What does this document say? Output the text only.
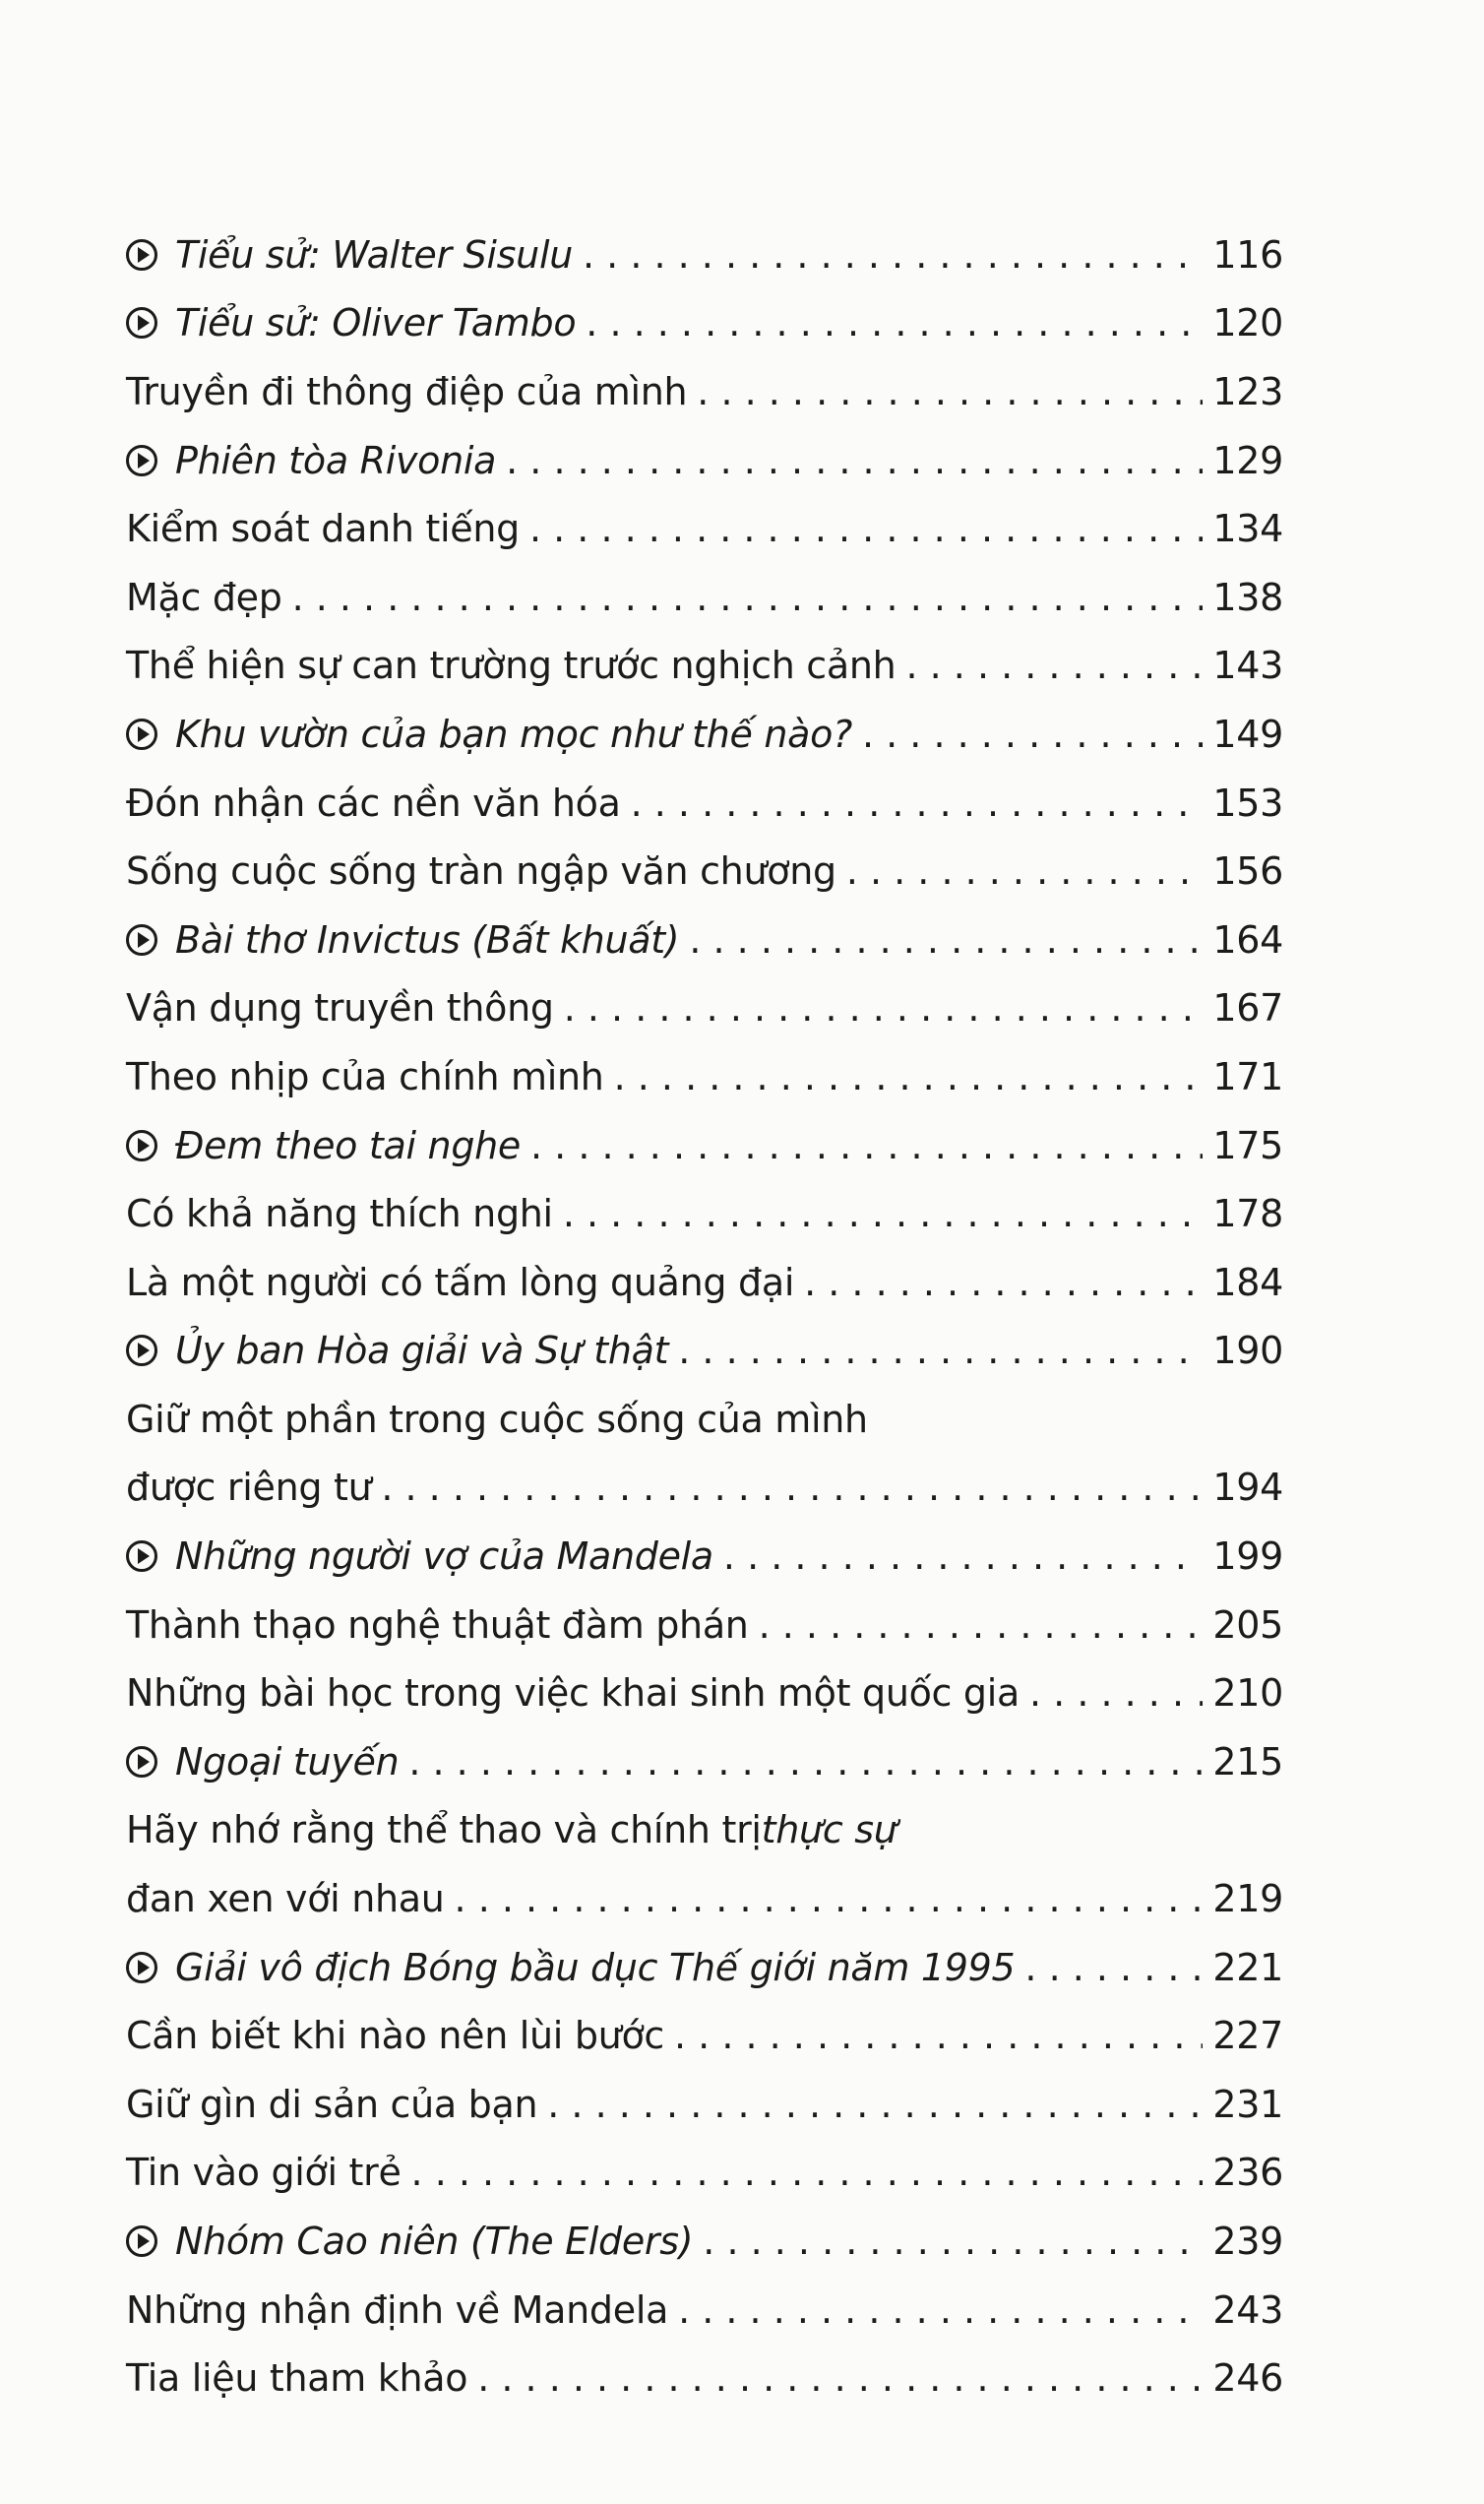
Tiểu sử: Walter Sisulu . . .	116
Tiểu sử: Oliver Tambo . . .	120
Truyền đi thông điệp của mình . . .	123
Phiên tòa Rivonia . . .	129
Kiểm soát danh tiếng . . .	134
Mặc đẹp . . .	138
Thể hiện sự can trường trước nghịch cảnh . . .	143
Khu vườn của bạn mọc như thế nào? . . .	149
Đón nhận các nền văn hóa . . .	153
Sống cuộc sống tràn ngập văn chương . . .	156
Bài thơ Invictus (Bất khuất) . . .	164
Vận dụng truyền thông . . .	167
Theo nhịp của chính mình . . .	171
Đem theo tai nghe . . .	175
Có khả năng thích nghi . . .	178
Là một người có tấm lòng quảng đại . . .	184
Ủy ban Hòa giải và Sự thật . . .	190
Giữ một phần trong cuộc sống của mình
được riêng tư . . .	194
Những người vợ của Mandela . . .	199
Thành thạo nghệ thuật đàm phán . . .	205
Những bài học trong việc khai sinh một quốc gia . . .	210
Ngoại tuyến . . .	215
Hãy nhớ rằng thể thao và chính trị thực sự
đan xen với nhau . . .	219
Giải vô địch Bóng bầu dục Thế giới năm 1995 . . .	221
Cần biết khi nào nên lùi bước . . .	227
Giữ gìn di sản của bạn . . .	231
Tin vào giới trẻ . . .	236
Nhóm Cao niên (The Elders) . . .	239
Những nhận định về Mandela . . .	243
Tia liệu tham khảo . . .	246
